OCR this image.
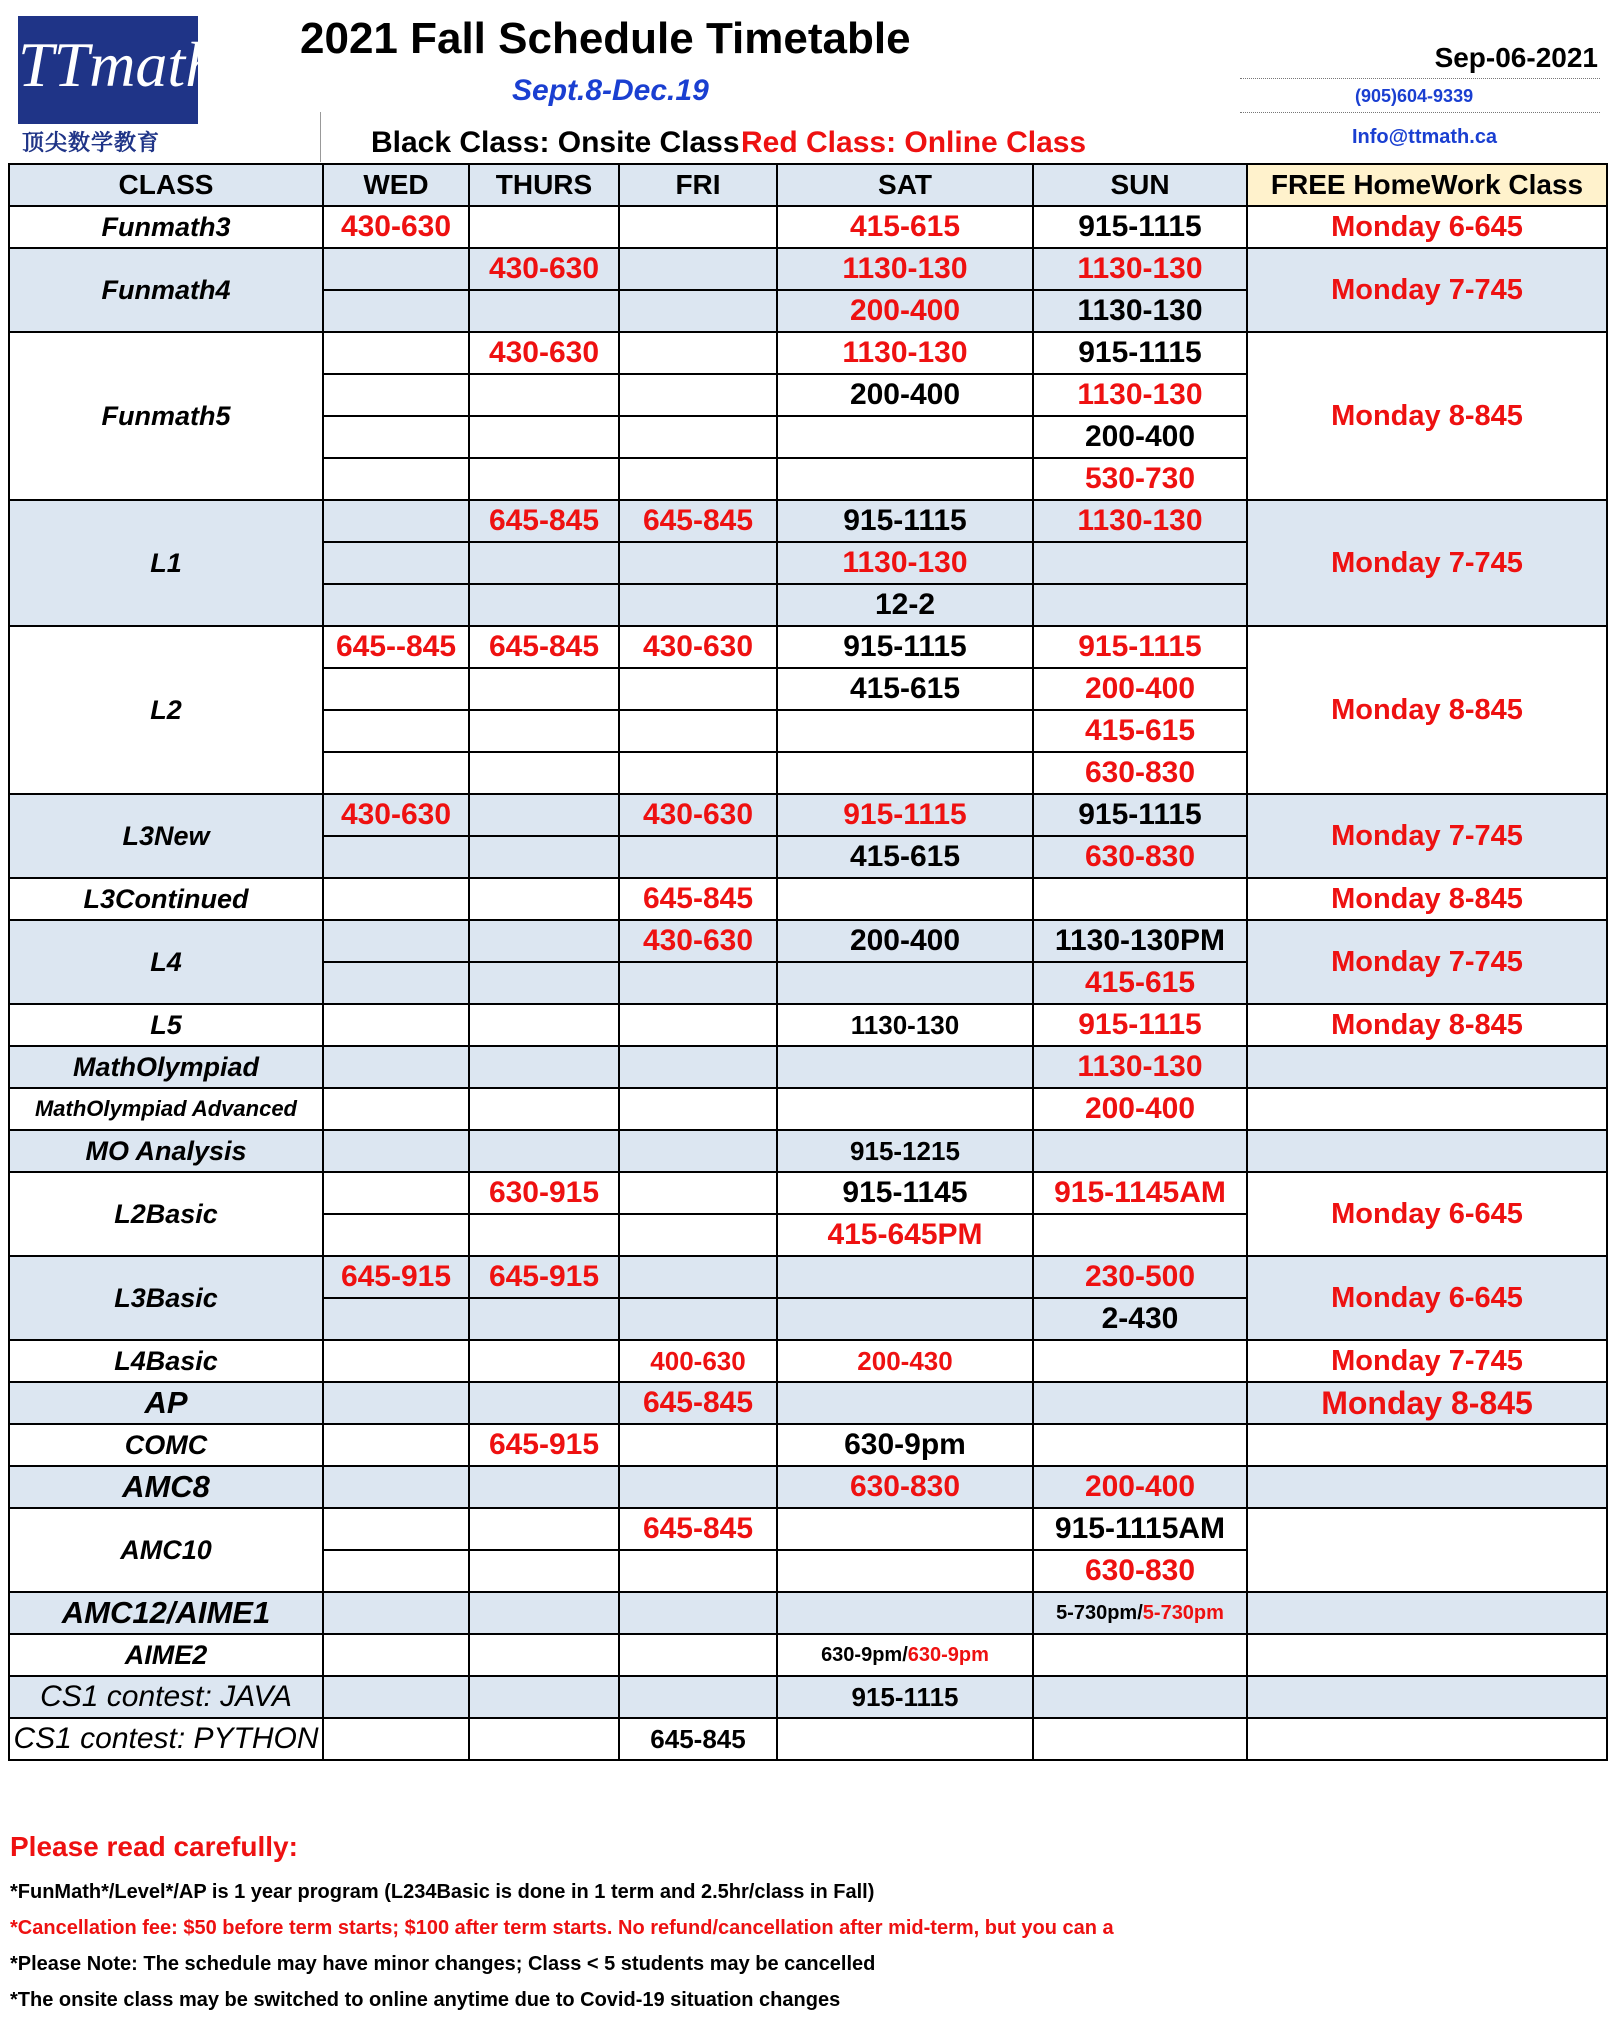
TTmath
顶尖数学教育
2021 Fall Schedule Timetable
Sept.8-Dec.19
Black Class: Onsite Class Red Class: Online Class
Sep-06-2021
(905)604-9339
Info@ttmath.ca
CLASS	WED	THURS	FRI	SAT	SUN	FREE HomeWork Class
Funmath3	430-630			415-615	915-1115	Monday 6-645
Funmath4		430-630		1130-130	1130-130	Monday 7-745
				200-400	1130-130	
Funmath5		430-630		1130-130	915-1115	Monday 8-845
				200-400	1130-130	
					200-400	
					530-730	
L1		645-845	645-845	915-1115	1130-130	Monday 7-745
				1130-130		
				12-2		
L2	645--845	645-845	430-630	915-1115	915-1115	Monday 8-845
				415-615	200-400	
					415-615	
					630-830	
L3New	430-630		430-630	915-1115	915-1115	Monday 7-745
				415-615	630-830	
L3Continued			645-845			Monday 8-845
L4			430-630	200-400	1130-130PM	Monday 7-745
					415-615	
L5				1130-130	915-1115	Monday 8-845
MathOlympiad					1130-130	
MathOlympiad Advanced					200-400	
MO Analysis				915-1215		
L2Basic		630-915		915-1145	915-1145AM	Monday 6-645
				415-645PM		
L3Basic	645-915	645-915			230-500	Monday 6-645
					2-430	
L4Basic			400-630	200-430		Monday 7-745
AP			645-845			Monday 8-845
COMC		645-915		630-9pm		
AMC8				630-830	200-400	
AMC10			645-845		915-1115AM	
					630-830	
AMC12/AIME1					5-730pm/5-730pm	
AIME2				630-9pm/630-9pm		
CS1 contest: JAVA				915-1115		
CS1 contest: PYTHON			645-845			
Please read carefully:
*FunMath*/Level*/AP is 1 year program (L234Basic is done in 1 term and 2.5hr/class in Fall)
*Cancellation fee: $50 before term starts; $100 after term starts. No refund/cancellation after mid-term, but you can a
*Please Note: The schedule may have minor changes; Class < 5 students may be cancelled
*The onsite class may be switched to online anytime due to Covid-19 situation changes
